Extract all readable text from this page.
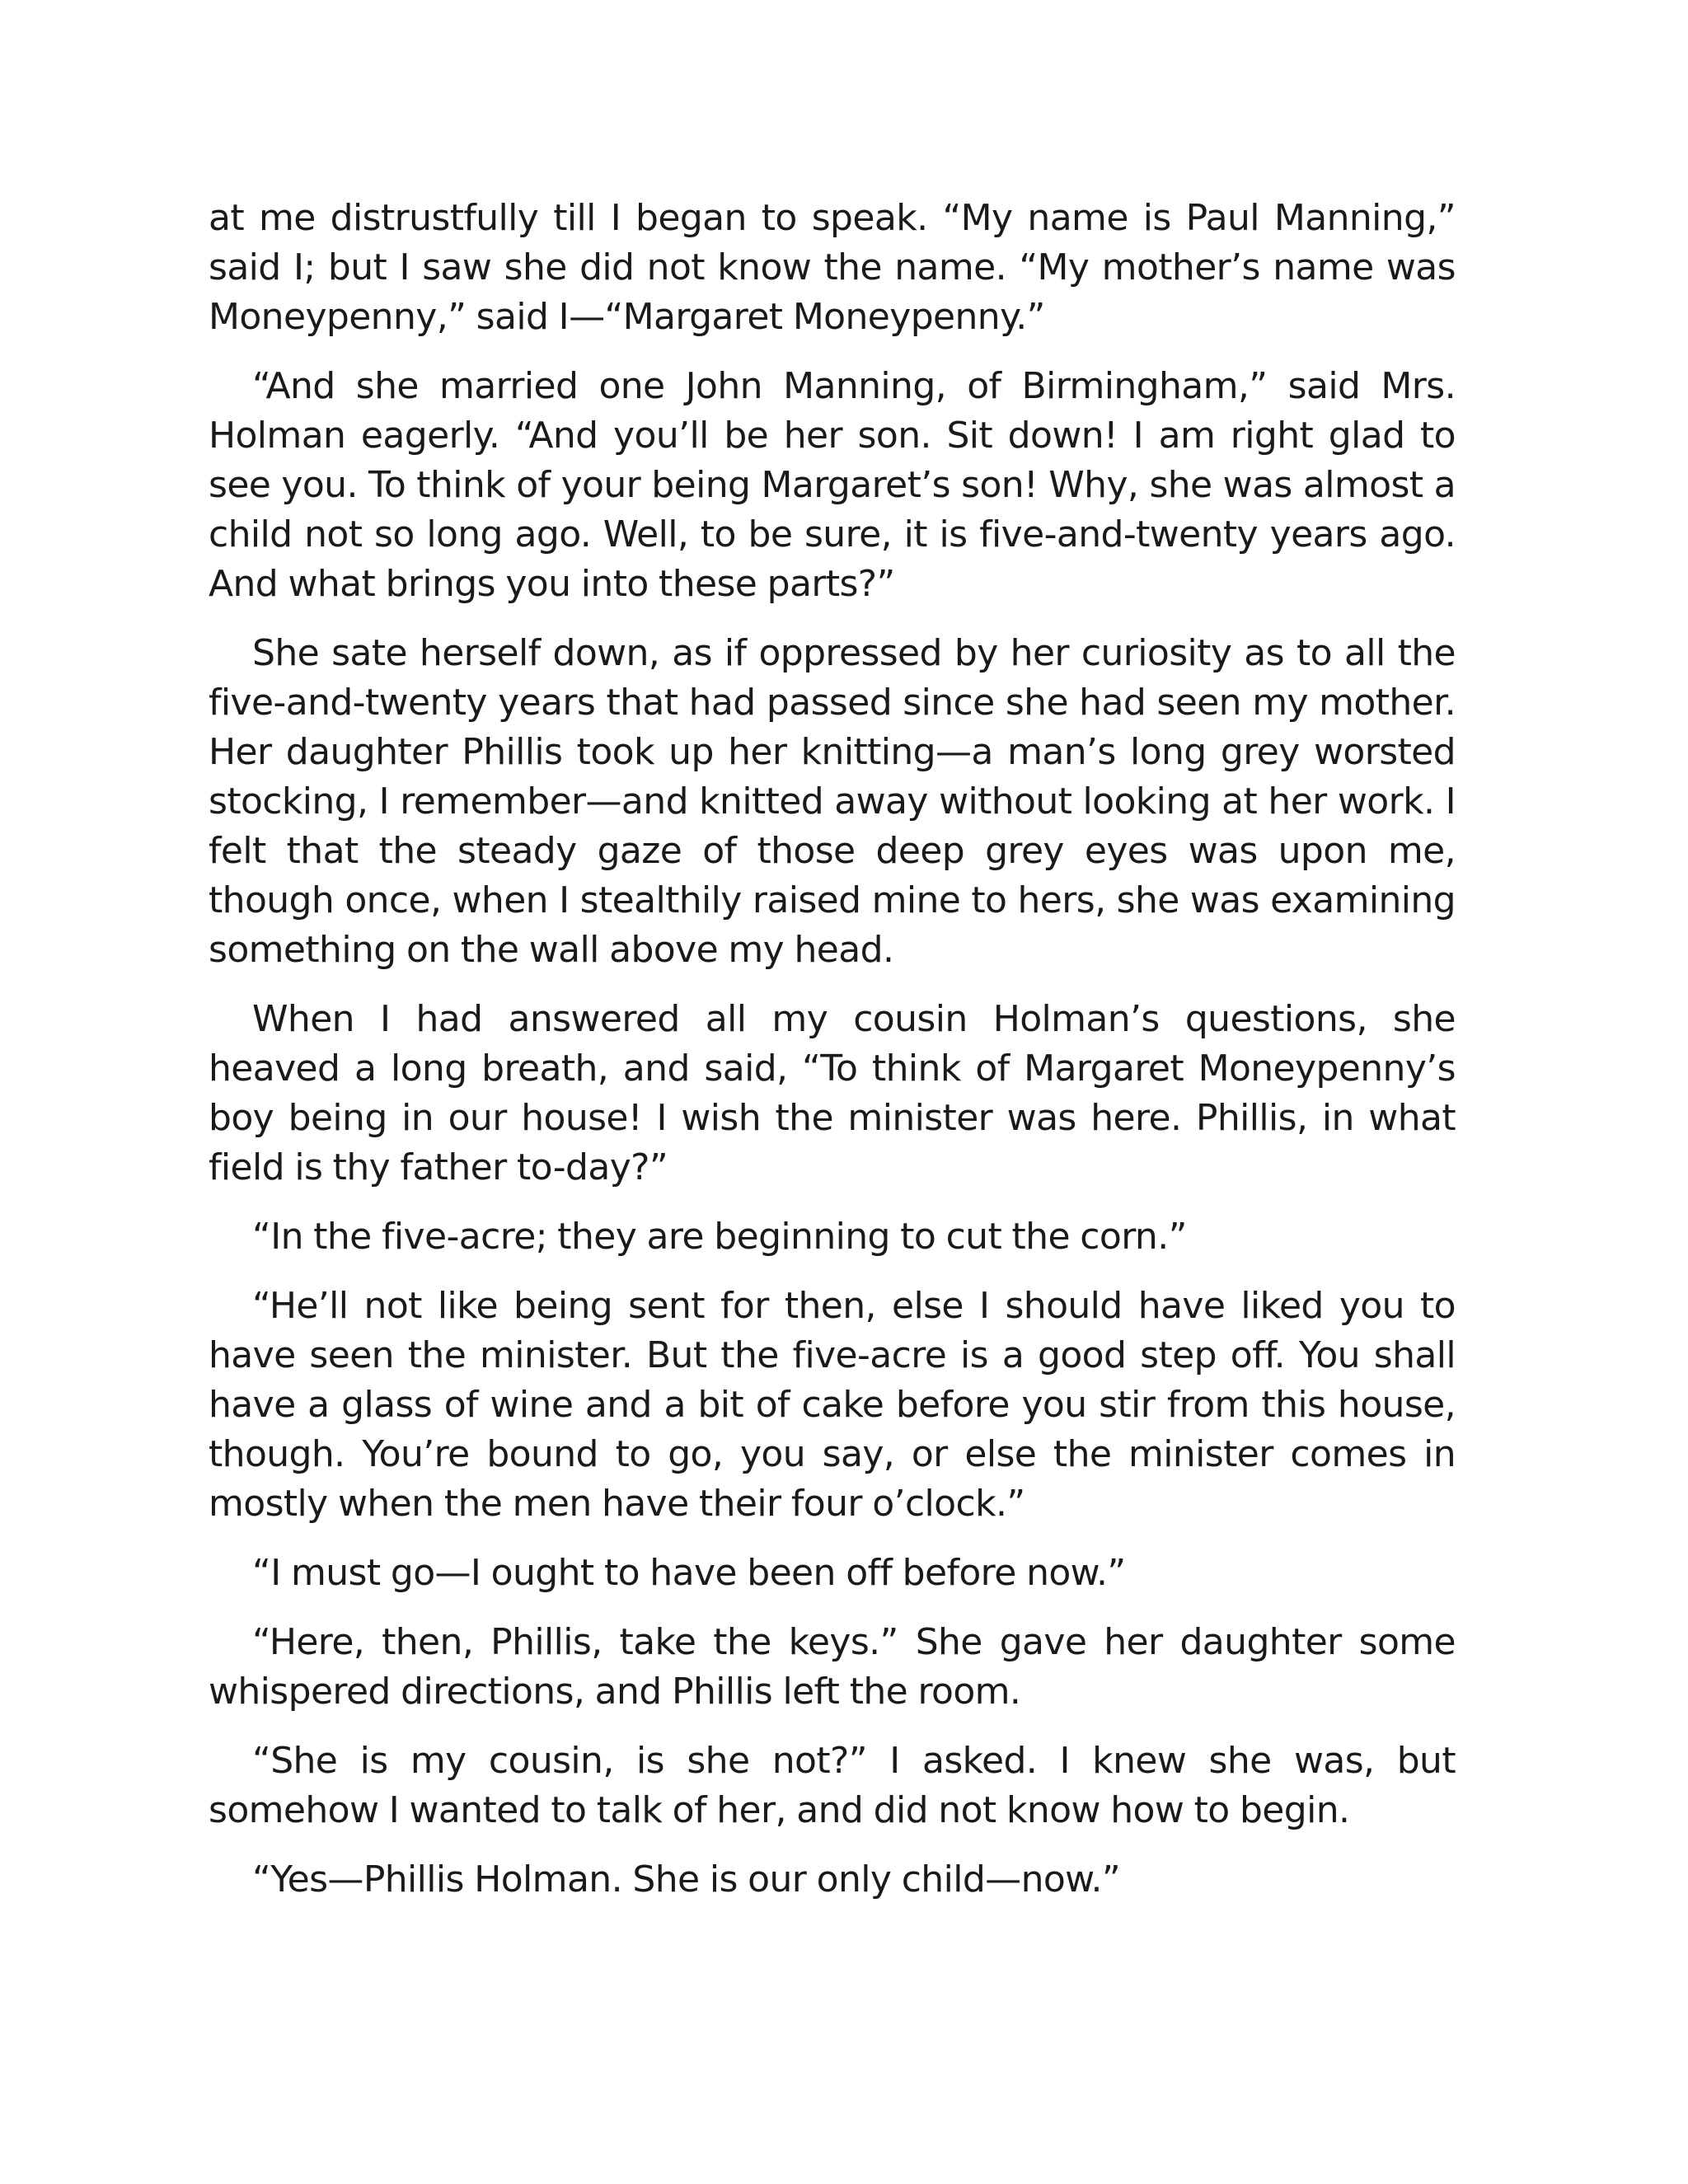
at me distrustfully till I began to speak. “My name is Paul Manning,” said I; but I saw she did not know the name. “My mother’s name was Moneypenny,” said I—“Margaret Moneypenny.”

“And she married one John Manning, of Birmingham,” said Mrs. Holman eagerly. “And you’ll be her son. Sit down! I am right glad to see you. To think of your being Margaret’s son! Why, she was almost a child not so long ago. Well, to be sure, it is five-and-twenty years ago. And what brings you into these parts?”

She sate herself down, as if oppressed by her curiosity as to all the five-and-twenty years that had passed since she had seen my mother. Her daughter Phillis took up her knitting—a man’s long grey worsted stocking, I remember—and knitted away without looking at her work. I felt that the steady gaze of those deep grey eyes was upon me, though once, when I stealthily raised mine to hers, she was examining something on the wall above my head.

When I had answered all my cousin Holman’s questions, she heaved a long breath, and said, “To think of Margaret Moneypenny’s boy being in our house! I wish the minister was here. Phillis, in what field is thy father to-day?”

“In the five-acre; they are beginning to cut the corn.”

“He’ll not like being sent for then, else I should have liked you to have seen the minister. But the five-acre is a good step off. You shall have a glass of wine and a bit of cake before you stir from this house, though. You’re bound to go, you say, or else the minister comes in mostly when the men have their four o’clock.”

“I must go—I ought to have been off before now.”

“Here, then, Phillis, take the keys.” She gave her daughter some whispered directions, and Phillis left the room.

“She is my cousin, is she not?” I asked. I knew she was, but somehow I wanted to talk of her, and did not know how to begin.

“Yes—Phillis Holman. She is our only child—now.”
